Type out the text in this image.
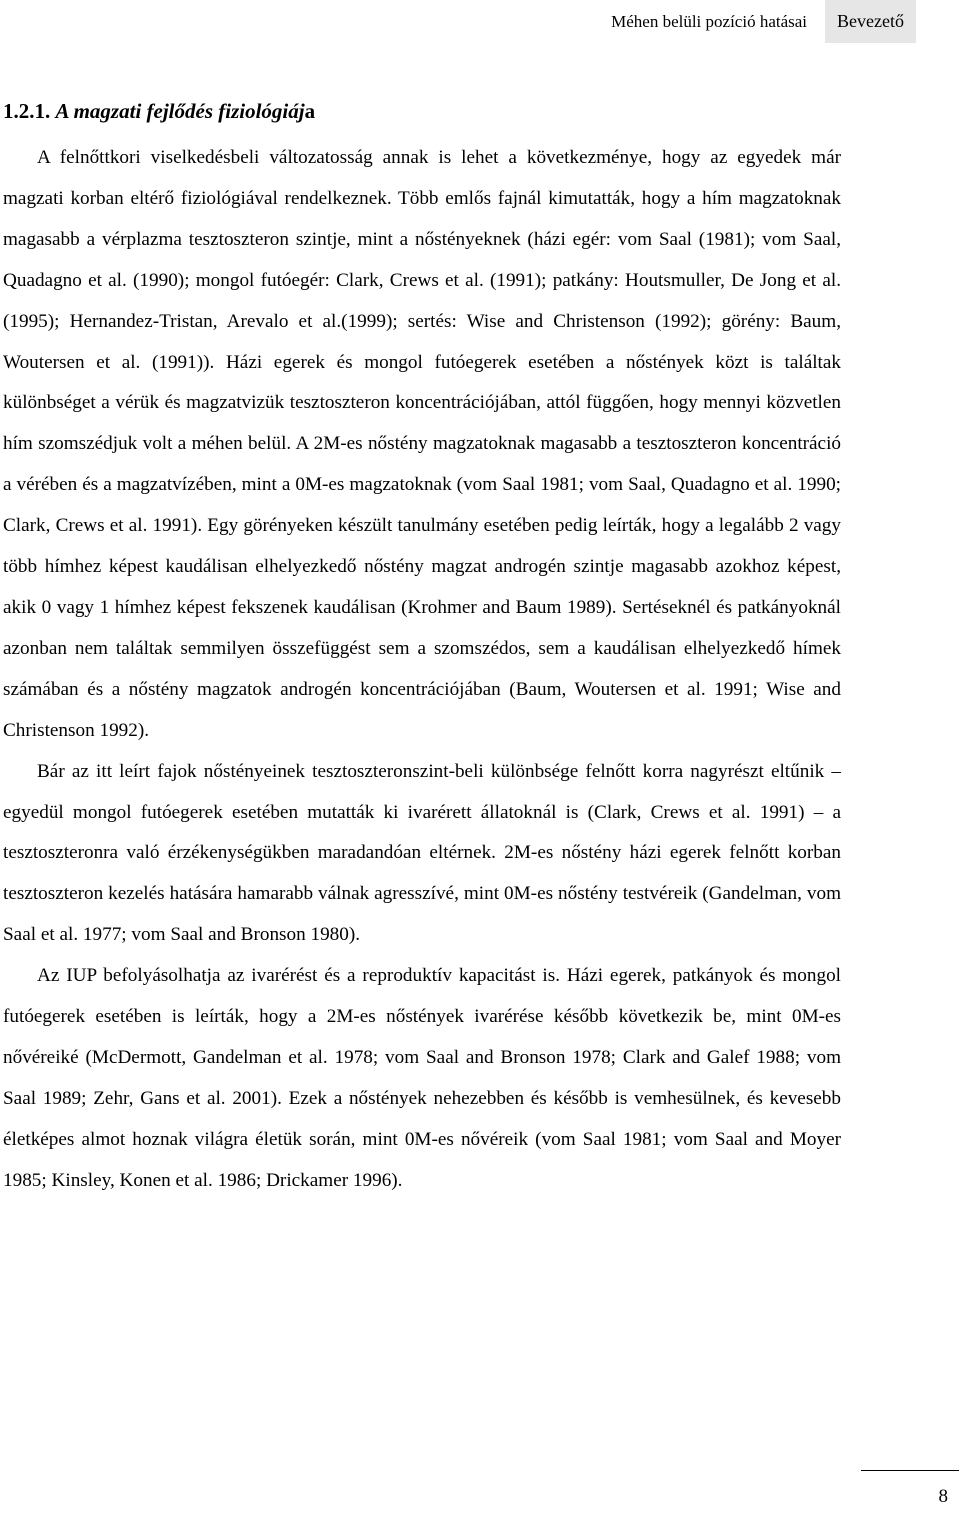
Méhen belüli pozíció hatásai	Bevezető
1.2.1. A magzati fejlődés fiziológiája

A felnőttkori viselkedésbeli változatosság annak is lehet a következménye, hogy az egyedek már magzati korban eltérő fiziológiával rendelkeznek. Több emlős fajnál kimutatták, hogy a hím magzatoknak magasabb a vérplazma tesztoszteron szintje, mint a nőstényeknek (házi egér: vom Saal (1981); vom Saal, Quadagno et al. (1990); mongol futóegér: Clark, Crews et al. (1991); patkány: Houtsmuller, De Jong et al. (1995); Hernandez-Tristan, Arevalo et al.(1999); sertés: Wise and Christenson (1992); görény: Baum, Woutersen et al. (1991)). Házi egerek és mongol futóegerek esetében a nőstények közt is találtak különbséget a vérük és magzatvizük tesztoszteron koncentrációjában, attól függően, hogy mennyi közvetlen hím szomszédjuk volt a méhen belül. A 2M-es nőstény magzatoknak magasabb a tesztoszteron koncentráció a vérében és a magzatvízében, mint a 0M-es magzatoknak (vom Saal 1981; vom Saal, Quadagno et al. 1990; Clark, Crews et al. 1991). Egy görényeken készült tanulmány esetében pedig leírták, hogy a legalább 2 vagy több hímhez képest kaudálisan elhelyezkedő nőstény magzat androgén szintje magasabb azokhoz képest, akik 0 vagy 1 hímhez képest fekszenek kaudálisan (Krohmer and Baum 1989). Sertéseknél és patkányoknál azonban nem találtak semmilyen összefüggést sem a szomszédos, sem a kaudálisan elhelyezkedő hímek számában és a nőstény magzatok androgén koncentrációjában (Baum, Woutersen et al. 1991; Wise and Christenson 1992).

Bár az itt leírt fajok nőstényeinek tesztoszteronszint-beli különbsége felnőtt korra nagyrészt eltűnik – egyedül mongol futóegerek esetében mutatták ki ivarérett állatoknál is (Clark, Crews et al. 1991) – a tesztoszteronra való érzékenységükben maradandóan eltérnek. 2M-es nőstény házi egerek felnőtt korban tesztoszteron kezelés hatására hamarabb válnak agresszívé, mint 0M-es nőstény testvéreik (Gandelman, vom Saal et al. 1977; vom Saal and Bronson 1980).

Az IUP befolyásolhatja az ivarérést és a reproduktív kapacitást is. Házi egerek, patkányok és mongol futóegerek esetében is leírták, hogy a 2M-es nőstények ivarérése később következik be, mint 0M-es nővéreiké (McDermott, Gandelman et al. 1978; vom Saal and Bronson 1978; Clark and Galef 1988; vom Saal 1989; Zehr, Gans et al. 2001). Ezek a nőstények nehezebben és később is vemhesülnek, és kevesebb életképes almot hoznak világra életük során, mint 0M-es nővéreik (vom Saal 1981; vom Saal and Moyer 1985; Kinsley, Konen et al. 1986; Drickamer 1996).

8
